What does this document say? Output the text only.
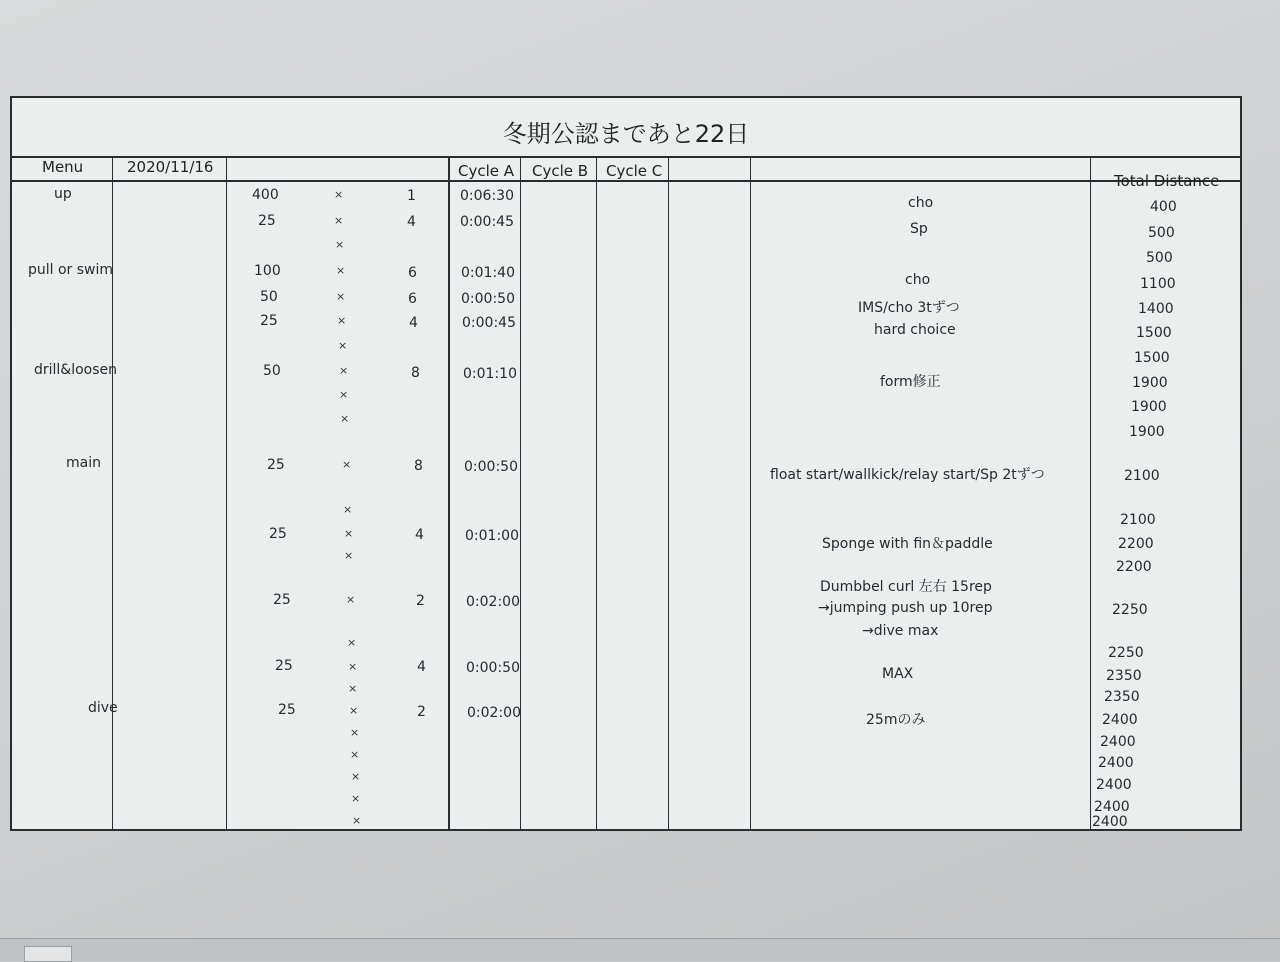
冬期公認まであと22日
Menu	2020/11/16	Cycle A Cycle B Cycle C
Total Distance
up
pull or swim
drill&loosen
main
dive
400
25
100
50
25
50
25
25
25
25
25
×
×
×
×
×
×
×
×
×
×
×
×
×
×
×
×
×
×
×
×
×
×
×
×
1
4
6
6
4
8
8
4
2
4
2
0:06:30
0:00:45
0:01:40
0:00:50
0:00:45
0:01:10
0:00:50
0:01:00
0:02:00
0:00:50
0:02:00
cho
Sp
cho
IMS/cho 3tずつ
hard choice
form修正
float start/wallkick/relay start/Sp 2tずつ
Sponge with fin＆paddle
Dumbbel curl 左右 15rep
→jumping push up 10rep
→dive max
MAX
25mのみ
400
500
500
1100
1400
1500
1500
1900
1900
1900
2100
2100
2200
2200
2250
2250
2350
2350
2400
2400
2400
2400
2400
2400
